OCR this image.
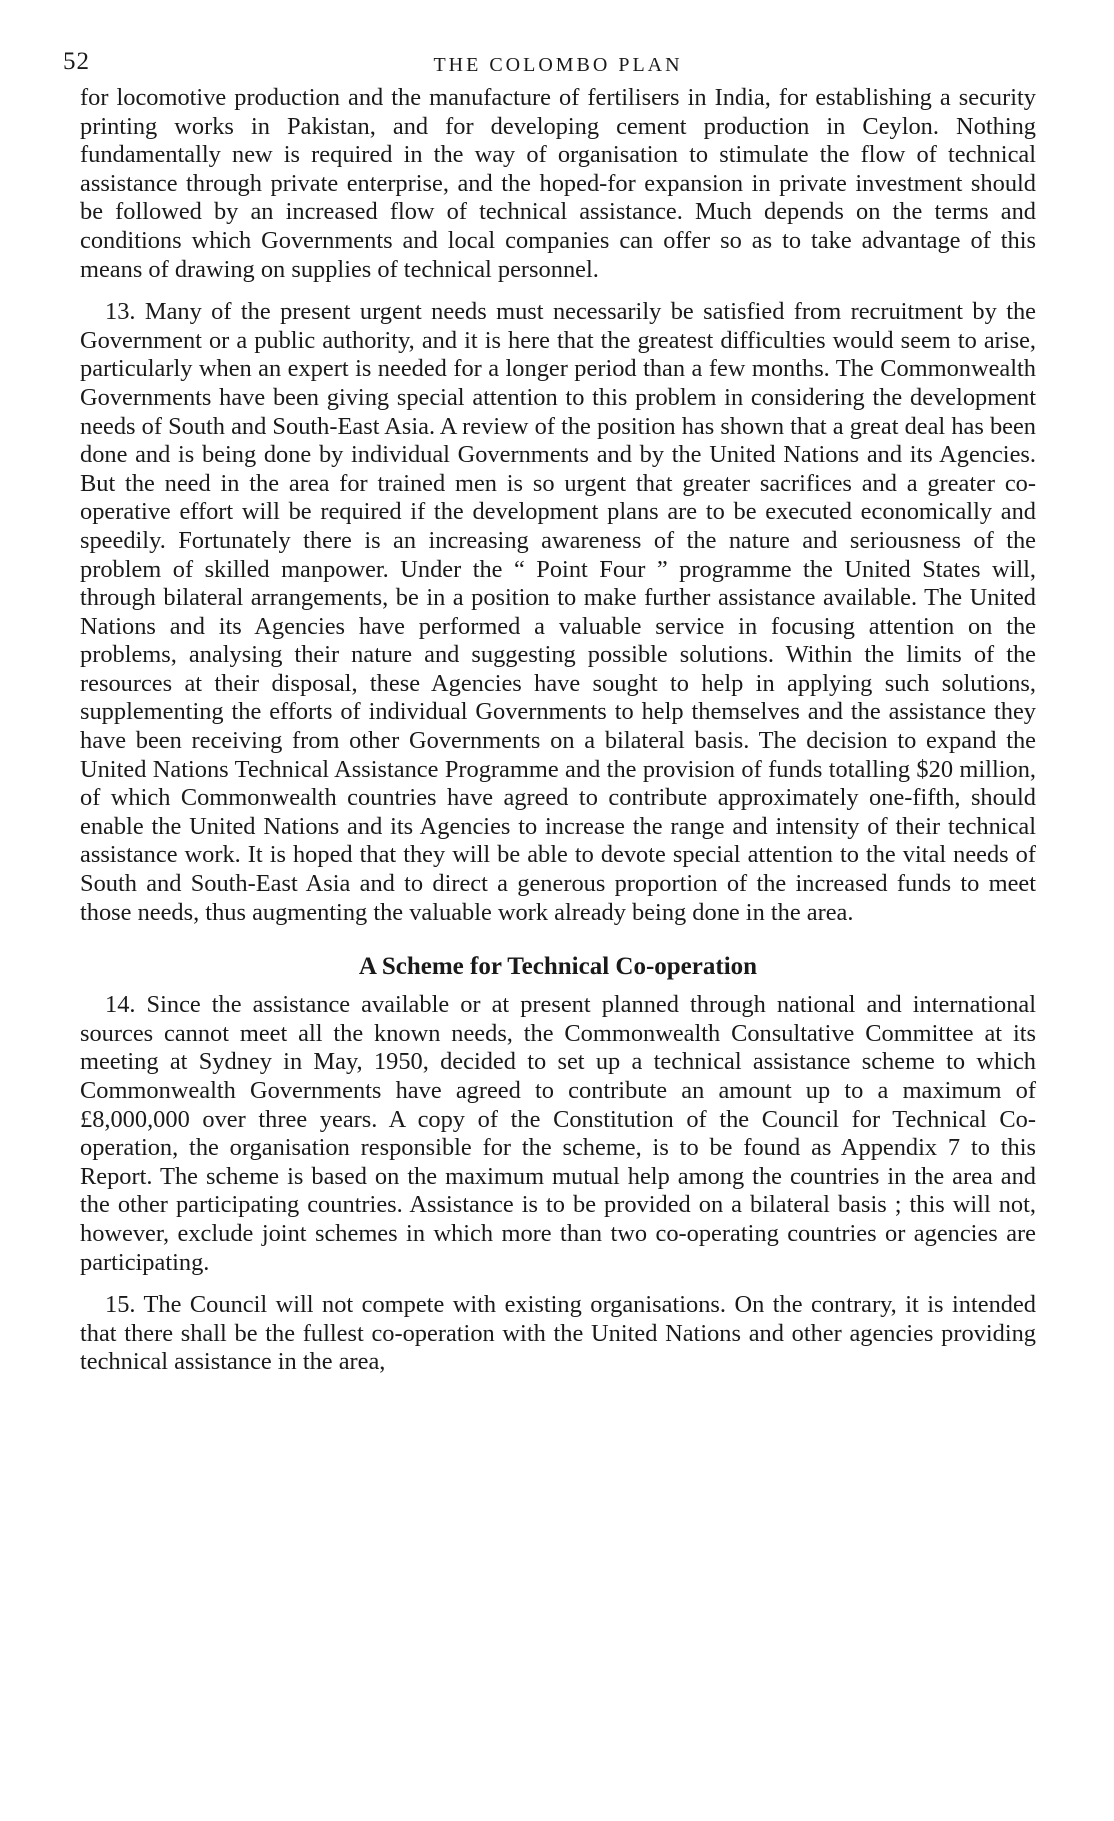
52	THE COLOMBO PLAN

for locomotive production and the manufacture of fertilisers in India, for establishing a security printing works in Pakistan, and for developing cement production in Ceylon. Nothing fundamentally new is required in the way of organisation to stimulate the flow of technical assistance through private enterprise, and the hoped-for expansion in private investment should be followed by an increased flow of technical assistance. Much depends on the terms and conditions which Governments and local companies can offer so as to take advantage of this means of drawing on supplies of technical personnel.

13. Many of the present urgent needs must necessarily be satisfied from recruitment by the Government or a public authority, and it is here that the greatest difficulties would seem to arise, particularly when an expert is needed for a longer period than a few months. The Commonwealth Governments have been giving special attention to this problem in considering the development needs of South and South-East Asia. A review of the position has shown that a great deal has been done and is being done by individual Governments and by the United Nations and its Agencies. But the need in the area for trained men is so urgent that greater sacrifices and a greater co-operative effort will be required if the development plans are to be executed economically and speedily. Fortunately there is an increasing awareness of the nature and seriousness of the problem of skilled manpower. Under the “ Point Four ” programme the United States will, through bilateral arrangements, be in a position to make further assistance available. The United Nations and its Agencies have performed a valuable service in focusing attention on the problems, analysing their nature and suggesting possible solutions. Within the limits of the resources at their disposal, these Agencies have sought to help in applying such solutions, supplementing the efforts of individual Governments to help themselves and the assistance they have been receiving from other Governments on a bilateral basis. The decision to expand the United Nations Technical Assistance Programme and the provision of funds totalling $20 million, of which Commonwealth countries have agreed to contribute approximately one-fifth, should enable the United Nations and its Agencies to increase the range and intensity of their technical assistance work. It is hoped that they will be able to devote special attention to the vital needs of South and South-East Asia and to direct a generous proportion of the increased funds to meet those needs, thus augmenting the valuable work already being done in the area.

A Scheme for Technical Co-operation

14. Since the assistance available or at present planned through national and international sources cannot meet all the known needs, the Commonwealth Consultative Committee at its meeting at Sydney in May, 1950, decided to set up a technical assistance scheme to which Commonwealth Governments have agreed to contribute an amount up to a maximum of £8,000,000 over three years. A copy of the Constitution of the Council for Technical Co-operation, the organisation responsible for the scheme, is to be found as Appendix 7 to this Report. The scheme is based on the maximum mutual help among the countries in the area and the other participating countries. Assistance is to be provided on a bilateral basis ; this will not, however, exclude joint schemes in which more than two co-operating countries or agencies are participating.

15. The Council will not compete with existing organisations. On the contrary, it is intended that there shall be the fullest co-operation with the United Nations and other agencies providing technical assistance in the area,
